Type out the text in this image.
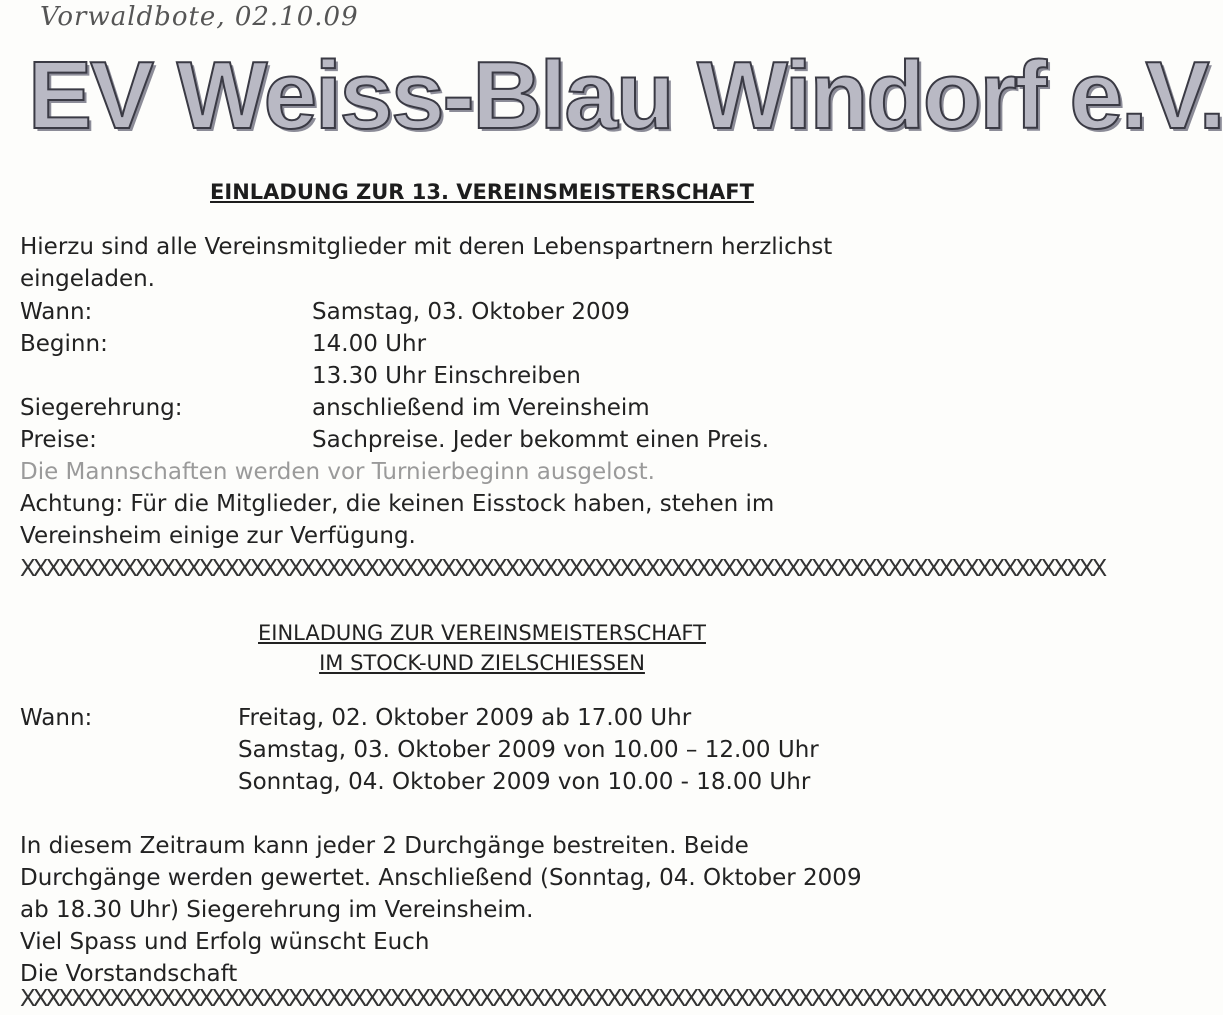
Vorwaldbote, 02.10.09
EV Weiss-Blau Windorf e.V.
EINLADUNG ZUR 13. VEREINSMEISTERSCHAFT
Hierzu sind alle Vereinsmitglieder mit deren Lebenspartnern herzlichst
eingeladen.
Wann:	Samstag, 03. Oktober 2009
Beginn:	14.00 Uhr
13.30 Uhr Einschreiben
Siegerehrung:	anschließend im Vereinsheim
Preise:	Sachpreise. Jeder bekommt einen Preis.
Die Mannschaften werden vor Turnierbeginn ausgelost.
Achtung: Für die Mitglieder, die keinen Eisstock haben, stehen im
Vereinsheim einige zur Verfügung.
XXXXXXXXXXXXXXXXXXXXXXXXXXXXXXXXXXXXXXXXXXXXXXXXXXXXXXXXXXXXXXXXXXXXXXXXXXXXXXXXXXXXX
EINLADUNG ZUR VEREINSMEISTERSCHAFT
IM STOCK-UND ZIELSCHIESSEN
Wann:	Freitag, 02. Oktober 2009 ab 17.00 Uhr
Samstag, 03. Oktober 2009 von 10.00 – 12.00 Uhr
Sonntag, 04. Oktober 2009 von 10.00 - 18.00 Uhr
In diesem Zeitraum kann jeder 2 Durchgänge bestreiten. Beide
Durchgänge werden gewertet. Anschließend (Sonntag, 04. Oktober 2009
ab 18.30 Uhr) Siegerehrung im Vereinsheim.
Viel Spass und Erfolg wünscht Euch
Die Vorstandschaft
XXXXXXXXXXXXXXXXXXXXXXXXXXXXXXXXXXXXXXXXXXXXXXXXXXXXXXXXXXXXXXXXXXXXXXXXXXXXXXXXXXXXX
